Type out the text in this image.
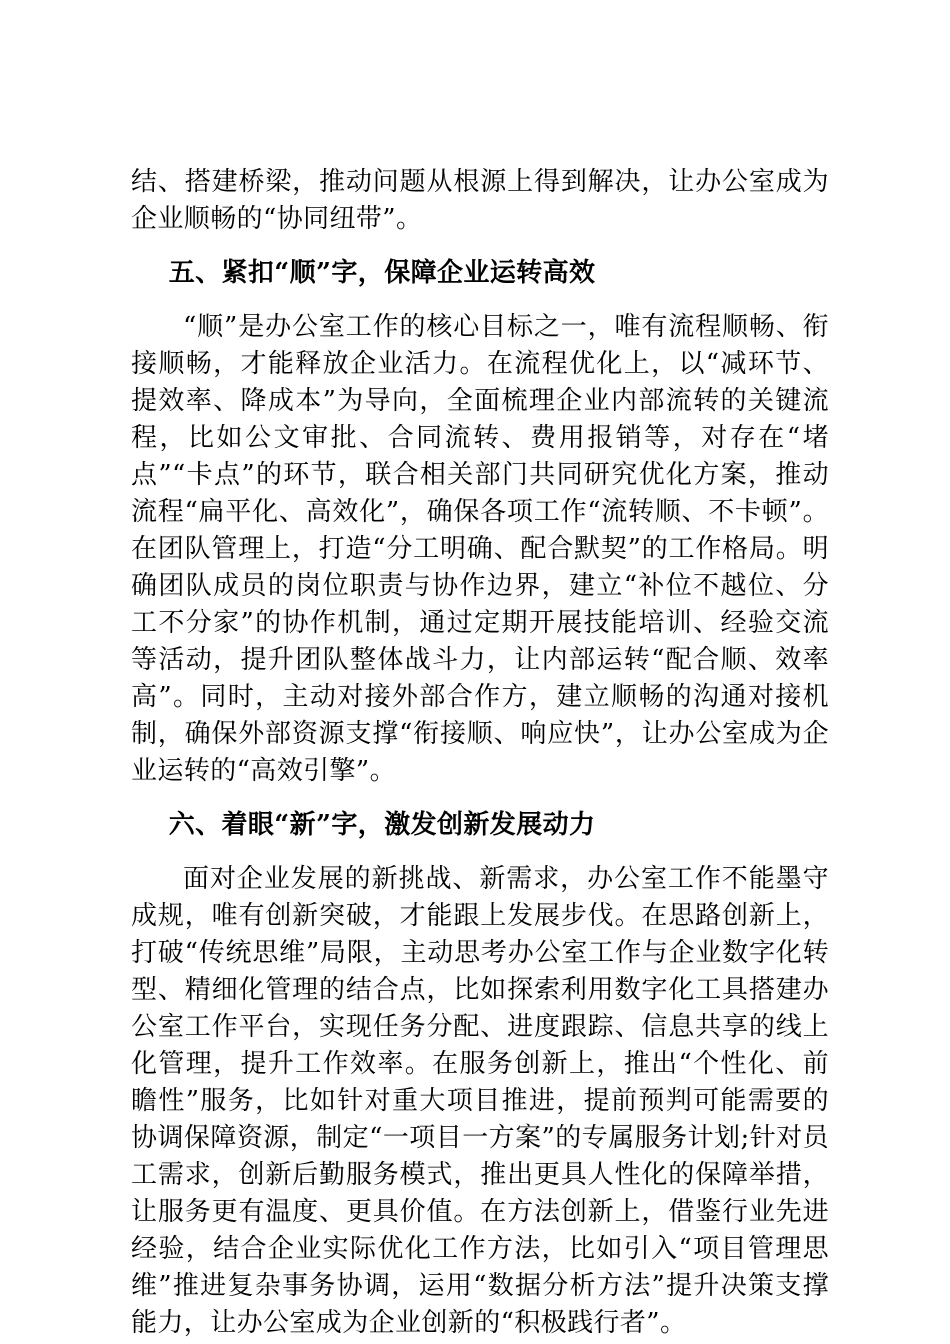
结、搭建桥梁，推动问题从根源上得到解决，让办公室成为企业顺畅的“协同纽带”。

五、紧扣“顺”字，保障企业运转高效

“顺”是办公室工作的核心目标之一，唯有流程顺畅、衔接顺畅，才能释放企业活力。在流程优化上，以“减环节、提效率、降成本”为导向，全面梳理企业内部流转的关键流程，比如公文审批、合同流转、费用报销等，对存在“堵点”“卡点”的环节，联合相关部门共同研究优化方案，推动流程“扁平化、高效化”，确保各项工作“流转顺、不卡顿”。在团队管理上，打造“分工明确、配合默契”的工作格局。明确团队成员的岗位职责与协作边界，建立“补位不越位、分工不分家”的协作机制，通过定期开展技能培训、经验交流等活动，提升团队整体战斗力，让内部运转“配合顺、效率高”。同时，主动对接外部合作方，建立顺畅的沟通对接机制，确保外部资源支撑“衔接顺、响应快”，让办公室成为企业运转的“高效引擎”。

六、着眼“新”字，激发创新发展动力

面对企业发展的新挑战、新需求，办公室工作不能墨守成规，唯有创新突破，才能跟上发展步伐。在思路创新上，打破“传统思维”局限，主动思考办公室工作与企业数字化转型、精细化管理的结合点，比如探索利用数字化工具搭建办公室工作平台，实现任务分配、进度跟踪、信息共享的线上化管理，提升工作效率。在服务创新上，推出“个性化、前瞻性”服务，比如针对重大项目推进，提前预判可能需要的协调保障资源，制定“一项目一方案”的专属服务计划;针对员工需求，创新后勤服务模式，推出更具人性化的保障举措，让服务更有温度、更具价值。在方法创新上，借鉴行业先进经验，结合企业实际优化工作方法，比如引入“项目管理思维”推进复杂事务协调，运用“数据分析方法”提升决策支撑能力，让办公室成为企业创新的“积极践行者”。
